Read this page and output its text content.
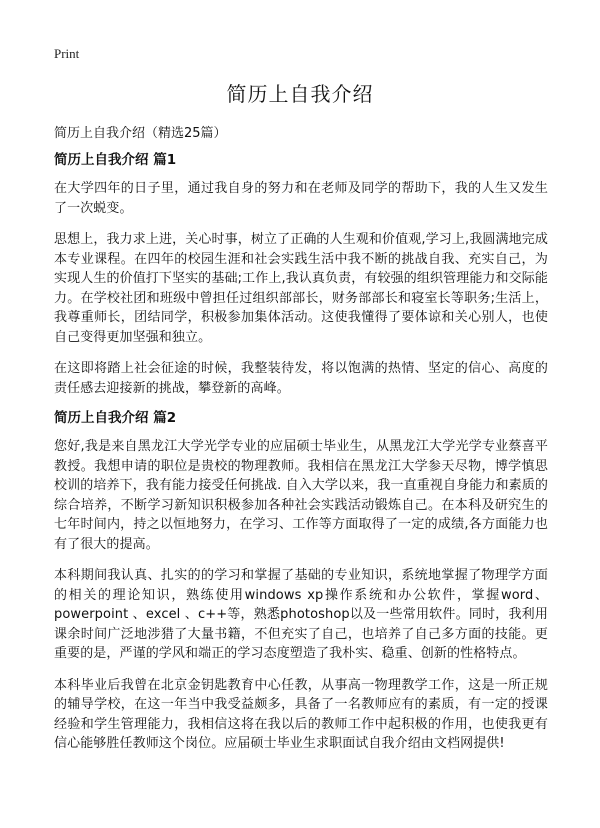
Print
简历上自我介绍
简历上自我介绍（精选25篇）
简历上自我介绍 篇1

在大学四年的日子里，通过我自身的努力和在老师及同学的帮助下，我的人生又发生了一次蜕变。

思想上，我力求上进，关心时事，树立了正确的人生观和价值观,学习上,我圆满地完成本专业课程。在四年的校园生涯和社会实践生活中我不断的挑战自我、充实自己，为实现人生的价值打下坚实的基础;工作上,我认真负责，有较强的组织管理能力和交际能力。在学校社团和班级中曾担任过组织部部长，财务部部长和寝室长等职务;生活上，我尊重师长，团结同学，积极参加集体活动。这使我懂得了要体谅和关心别人，也使自己变得更加坚强和独立。

在这即将踏上社会征途的时候，我整装待发，将以饱满的热情、坚定的信心、高度的责任感去迎接新的挑战，攀登新的高峰。

简历上自我介绍 篇2

您好,我是来自黑龙江大学光学专业的应届硕士毕业生，从黑龙江大学光学专业蔡喜平教授。我想申请的职位是贵校的物理教师。我相信在黑龙江大学参天尽物，博学慎思校训的培养下，我有能力接受任何挑战. 自入大学以来，我一直重视自身能力和素质的综合培养，不断学习新知识积极参加各种社会实践活动锻炼自己。在本科及研究生的七年时间内，持之以恒地努力，在学习、工作等方面取得了一定的成绩,各方面能力也有了很大的提高。

本科期间我认真、扎实的的学习和掌握了基础的专业知识，系统地掌握了物理学方面的相关的理论知识，熟练使用windows xp操作系统和办公软件，掌握word、powerpoint 、excel 、c++等，熟悉photoshop以及一些常用软件。同时，我利用课余时间广泛地涉猎了大量书籍，不但充实了自己，也培养了自己多方面的技能。更重要的是，严谨的学风和端正的学习态度塑造了我朴实、稳重、创新的性格特点。

本科毕业后我曾在北京金钥匙教育中心任教，从事高一物理教学工作，这是一所正规的辅导学校，在这一年当中我受益颇多，具备了一名教师应有的素质，有一定的授课经验和学生管理能力，我相信这将在我以后的教师工作中起积极的作用，也使我更有信心能够胜任教师这个岗位。应届硕士毕业生求职面试自我介绍由文档网提供!
